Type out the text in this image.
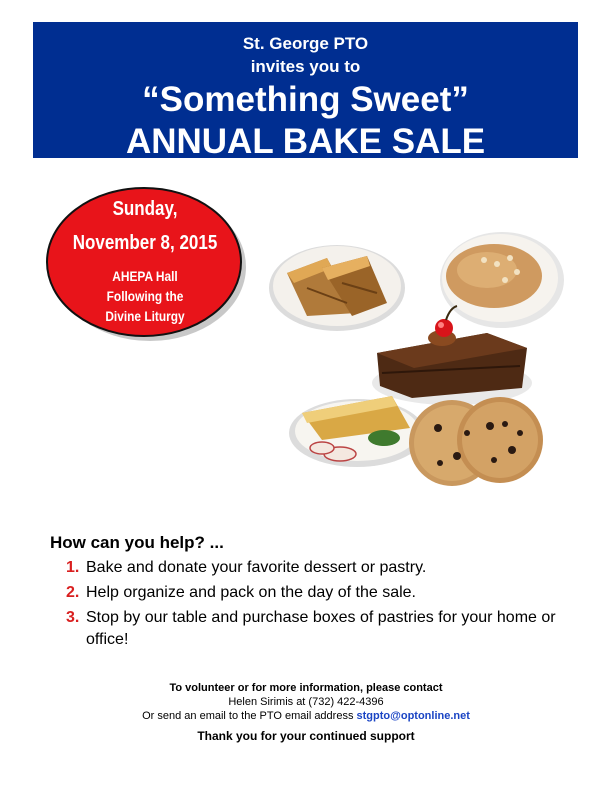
St. George PTO
invites you to
“Something Sweet”
ANNUAL BAKE SALE
Sunday,
November 8, 2015
AHEPA Hall
Following the
Divine Liturgy
How can you help? ...
1. Bake and donate your favorite dessert or pastry.
2. Help organize and pack on the day of the sale.
3. Stop by our table and purchase boxes of pastries for your home or office!
To volunteer or for more information, please contact
Helen Sirimis at (732) 422-4396
Or send an email to the PTO email address stgpto@optonline.net
Thank you for your continued support
